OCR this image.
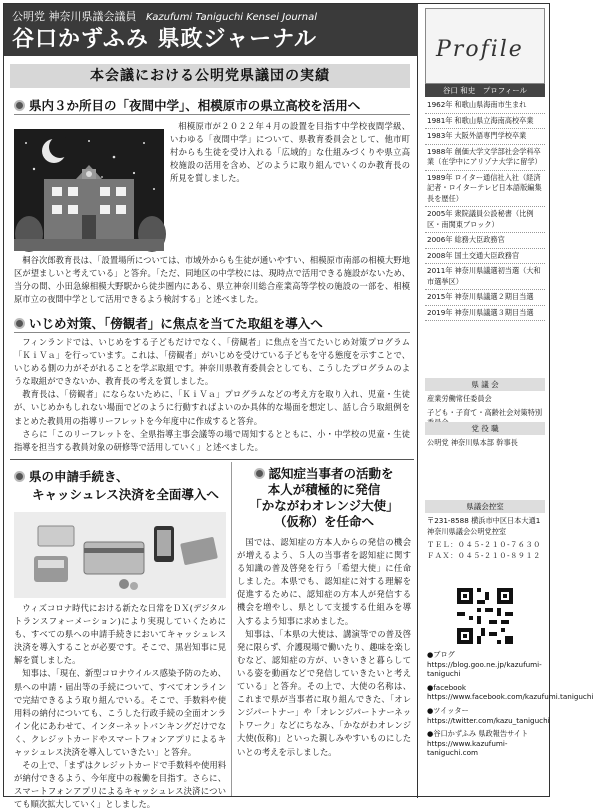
公明党 神奈川県議会議員 Kazufumi Taniguchi Kensei Journal
谷口かずふみ 県政ジャーナル
本会議における公明党県議団の実績
県内３か所目の「夜間中学」、相模原市の県立高校を活用へ

相模原市が２０２２年４月の設置を目指す中学校夜間学級、いわゆる「夜間中学」について、県教育委員会として、他市町村からも生徒を受け入れる「広域的」な仕組みづくりや県立高校施設の活用を含め、どのように取り組んでいくのか教育長の所見を質しました。

桐谷次郎教育長は、「設置場所については、市域外からも生徒が通いやすい、相模原市南部の相模大野地区が望ましいと考えている」と答弁。「ただ、同地区の中学校には、現時点で活用できる施設がないため、当分の間、小田急線相模大野駅から徒歩圏内にある、県立神奈川総合産業高等学校の施設の一部を、相模原市立の夜間中学として活用できるよう検討する」と述べました。

いじめ対策、「傍観者」に焦点を当てた取組を導入へ

フィンランドでは、いじめをする子どもだけでなく、「傍観者」に焦点を当てたいじめ対策プログラム「ＫｉＶａ」を行っています。これは、「傍観者」がいじめを受けている子どもを守る態度を示すことで、いじめる側の力がそがれることを学ぶ取組です。神奈川県教育委員会としても、こうしたプログラムのような取組ができないか、教育長の考えを質しました。

教育長は、「傍観者」にならないために、「ＫｉＶａ」プログラムなどの考え方を取り入れ、児童・生徒が、いじめかもしれない場面でどのように行動すればよいのか具体的な場面を想定し、話し合う取組例をまとめた教員用の指導リーフレットを今年度中に作成すると答弁。

さらに「このリーフレットを、全県指導主事会議等の場で周知するとともに、小・中学校の児童・生徒指導を担当する教員対象の研修等で活用していく」と述べました。

県の申請手続き、
キャッシュレス決済を全面導入へ

ウィズコロナ時代における新たな日常をＤＸ(デジタルトランスフォーメーション)により実現していくためにも、すべての県への申請手続きにおいてキャッシュレス決済を導入することが必要です。そこで、黒岩知事に見解を質しました。

知事は、「現在、新型コロナウイルス感染予防のため、県への申請・届出等の手続について、すべてオンラインで完結できるよう取り組んでいる。そこで、手数料や使用料の納付についても、こうした行政手続の全面オンライン化にあわせて、インターネットバンキングだけでなく、クレジットカードやスマートフォンアプリによるキャッシュレス決済を導入していきたい」と答弁。

その上で、「まずはクレジットカードで手数料や使用料が納付できるよう、今年度中の稼働を目指す。さらに、スマートフォンアプリによるキャッシュレス決済についても順次拡大していく」としました。

認知症当事者の活動を
本人が積極的に発信
「かながわオレンジ大使」
（仮称）を任命へ

国では、認知症の方本人からの発信の機会が増えるよう、５人の当事者を認知症に関する知識の普及啓発を行う「希望大使」に任命しました。本県でも、認知症に対する理解を促進するために、認知症の方本人が発信する機会を増やし、県として支援する仕組みを導入するよう知事に求めました。

知事は、「本県の大使は、講演等での普及啓発に限らず、介護現場で働いたり、趣味を楽しむなど、認知症の方が、いきいきと暮らしている姿を動画などで発信していきたいと考えている」と答弁。その上で、大使の名称は、これまで県が当事者に取り組んできた、「オレンジパートナー」や「オレンジパートナーネットワーク」などにちなみ、「かながわオレンジ大使(仮称)」といった親しみやすいものにしたいとの考えを示しました。

Profile
谷口 和史　プロフィール
1962年 和歌山県海南市生まれ
1981年 和歌山県立海南高校卒業
1983年 大阪外語専門学校卒業
1988年 創価大学文学部社会学科卒業（在学中にアリゾナ大学に留学）
1989年 ロイター通信社入社（経済記者・ロイターテレビ日本語版編集長を歴任）
2005年 衆院議員公設秘書（比例区・南関東ブロック）
2006年 総務大臣政務官
2008年 国土交通大臣政務官
2011年 神奈川県議選初当選（大和市選挙区）
2015年 神奈川県議選２期目当選
2019年 神奈川県議選３期目当選
県 議 会
産業労働常任委員会
子ども・子育て・高齢社会対策特別
党 役 職
公明党 神奈川県本部 幹事長
県議会控室
〒231-8588 横浜市中区日本大通1 神奈川県議会公明党控室
ＴＥＬ：０４５-２１０-７６３０
ＦＡＸ：０４５-２１０-８９１２
●ブログ
https://blog.goo.ne.jp/kazufumi-taniguchi
●facebook
https://www.facebook.com/kazufumi.taniguchi
●ツイッター
https://twitter.com/kazu_taniguchi
●谷口かずふみ 県政報告サイト
https://www.kazufumi-taniguchi.com
